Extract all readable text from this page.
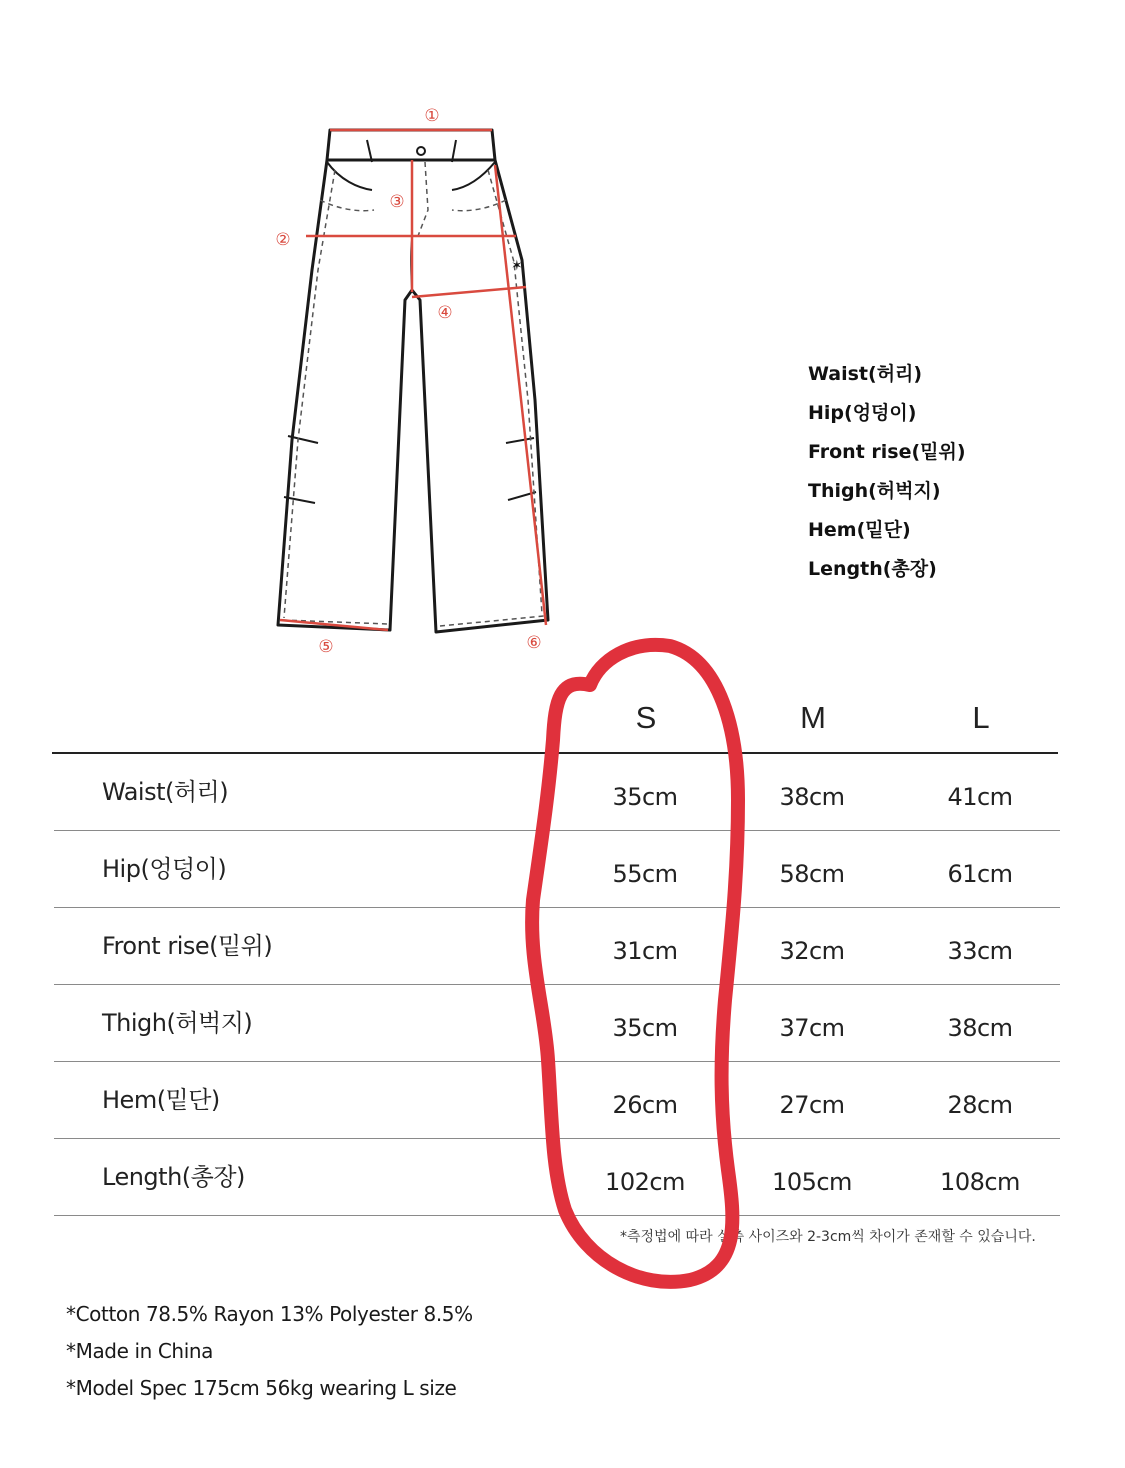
✶
①
②
③
④
⑤	⑥
Waist(허리)
Hip(엉덩이)
Front rise(밑위)
Thigh(허벅지)
Hem(밑단)
Length(총장)
S	M	L
Waist(허리)	35cm	38cm	41cm
Hip(엉덩이)	55cm	58cm	61cm
Front rise(밑위)	31cm	32cm	33cm
Thigh(허벅지)	35cm	37cm	38cm
Hem(밑단)	26cm	27cm	28cm
Length(총장)	102cm	105cm	108cm
*측정법에 따라 실측 사이즈와 2-3cm씩 차이가 존재할 수 있습니다.
*Cotton 78.5% Rayon 13% Polyester 8.5%
*Made in China
*Model Spec 175cm 56kg wearing L size
